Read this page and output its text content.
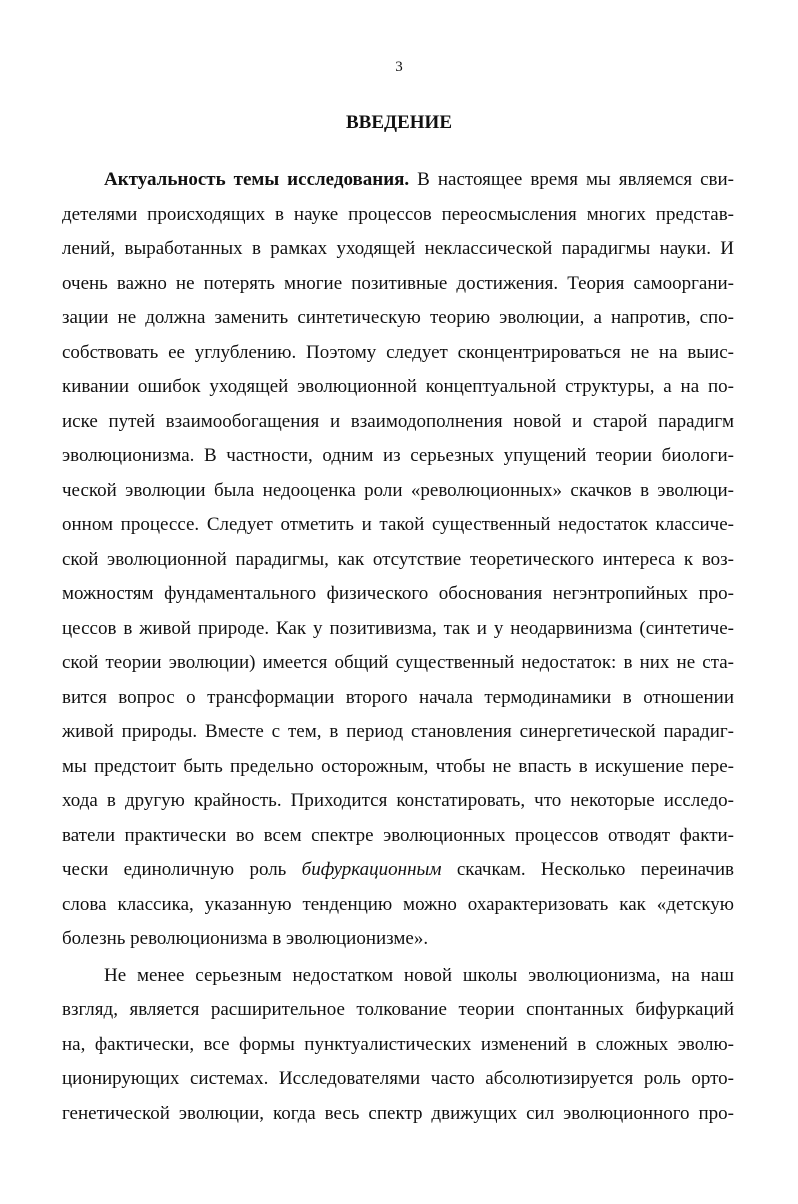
3
ВВЕДЕНИЕ
Актуальность темы исследования. В настоящее время мы являемся сви-
детелями происходящих в науке процессов переосмысления многих представ-
лений, выработанных в рамках уходящей неклассической парадигмы науки. И
очень важно не потерять многие позитивные достижения. Теория самооргани-
зации не должна заменить синтетическую теорию эволюции, а напротив, спо-
собствовать ее углублению. Поэтому следует сконцентрироваться не на выис-
кивании ошибок уходящей эволюционной концептуальной структуры, а на по-
иске путей взаимообогащения и взаимодополнения новой и старой парадигм
эволюционизма. В частности, одним из серьезных упущений теории биологи-
ческой эволюции была недооценка роли «революционных» скачков в эволюци-
онном процессе. Следует отметить и такой существенный недостаток классиче-
ской эволюционной парадигмы, как отсутствие теоретического интереса к воз-
можностям фундаментального физического обоснования негэнтропийных про-
цессов в живой природе. Как у позитивизма, так и у неодарвинизма (синтетиче-
ской теории эволюции) имеется общий существенный недостаток: в них не ста-
вится вопрос о трансформации второго начала термодинамики в отношении
живой природы. Вместе с тем, в период становления синергетической парадиг-
мы предстоит быть предельно осторожным, чтобы не впасть в искушение пере-
хода в другую крайность. Приходится констатировать, что некоторые исследо-
ватели практически во всем спектре эволюционных процессов отводят факти-
чески единоличную роль бифуркационным скачкам. Несколько переиначив
слова классика, указанную тенденцию можно охарактеризовать как «детскую
болезнь революционизма в эволюционизме».
Не менее серьезным недостатком новой школы эволюционизма, на наш
взгляд, является расширительное толкование теории спонтанных бифуркаций
на, фактически, все формы пунктуалистических изменений в сложных эволю-
ционирующих системах. Исследователями часто абсолютизируется роль орто-
генетической эволюции, когда весь спектр движущих сил эволюционного про-
